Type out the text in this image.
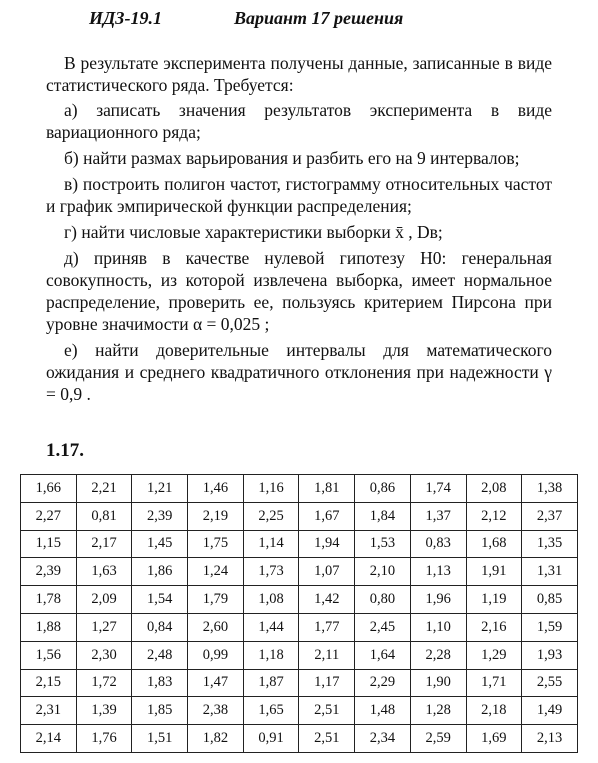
ИДЗ-19.1	Вариант 17 решения

В результате эксперимента получены данные, записанные в виде статистического ряда. Требуется:

а) записать значения результатов эксперимента в виде вариационного ряда;

б) найти размах варьирования и разбить его на 9 интервалов;

в) построить полигон частот, гистограмму относительных частот и график эмпирической функции распределения;

г) найти числовые характеристики выборки x̄ , Dв;

д) приняв в качестве нулевой гипотезу H0: генеральная совокупность, из которой извлечена выборка, имеет нормальное распределение, проверить ее, пользуясь критерием Пирсона при уровне значимости α = 0,025 ;

е) найти доверительные интервалы для математического ожидания и среднего квадратичного отклонения при надежности γ = 0,9 .

1.17.
1,66	2,21	1,21	1,46	1,16	1,81	0,86	1,74	2,08	1,38
2,27	0,81	2,39	2,19	2,25	1,67	1,84	1,37	2,12	2,37
1,15	2,17	1,45	1,75	1,14	1,94	1,53	0,83	1,68	1,35
2,39	1,63	1,86	1,24	1,73	1,07	2,10	1,13	1,91	1,31
1,78	2,09	1,54	1,79	1,08	1,42	0,80	1,96	1,19	0,85
1,88	1,27	0,84	2,60	1,44	1,77	2,45	1,10	2,16	1,59
1,56	2,30	2,48	0,99	1,18	2,11	1,64	2,28	1,29	1,93
2,15	1,72	1,83	1,47	1,87	1,17	2,29	1,90	1,71	2,55
2,31	1,39	1,85	2,38	1,65	2,51	1,48	1,28	2,18	1,49
2,14	1,76	1,51	1,82	0,91	2,51	2,34	2,59	1,69	2,13
